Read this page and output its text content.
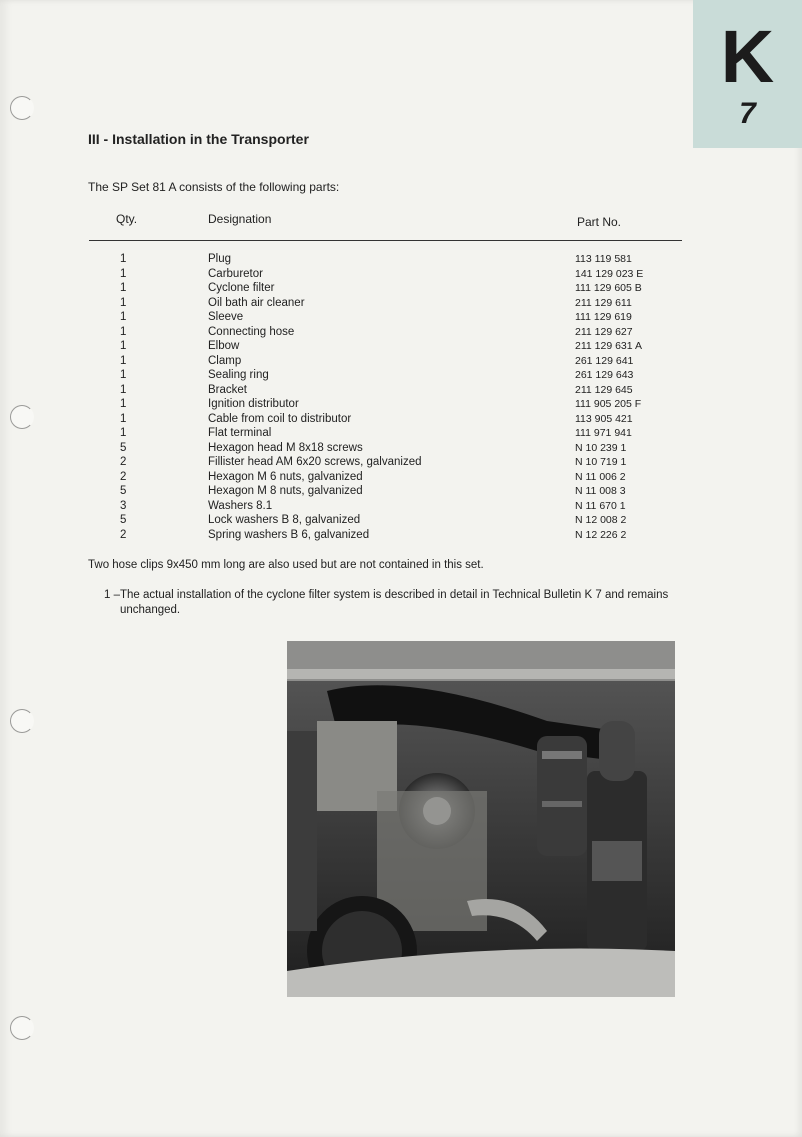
K
7
III - Installation in the Transporter
The SP Set 81 A consists of the following parts:
Qty.	Designation	Part No.
1	Plug	113 119 581
1	Carburetor	141 129 023 E
1	Cyclone filter	111 129 605 B
1	Oil bath air cleaner	211 129 611
1	Sleeve	111 129 619
1	Connecting hose	211 129 627
1	Elbow	211 129 631 A
1	Clamp	261 129 641
1	Sealing ring	261 129 643
1	Bracket	211 129 645
1	Ignition distributor	111 905 205 F
1	Cable from coil to distributor	113 905 421
1	Flat terminal	111 971 941
5	Hexagon head M 8x18 screws	N 10 239 1
2	Fillister head AM 6x20 screws, galvanized	N 10 719 1
2	Hexagon M 6 nuts, galvanized	N 11 006 2
5	Hexagon M 8 nuts, galvanized	N 11 008 3
3	Washers 8.1	N 11 670 1
5	Lock washers B 8, galvanized	N 12 008 2
2	Spring washers B 6, galvanized	N 12 226 2
Two hose clips 9x450 mm long are also used but are not contained in this set.
1 – The actual installation of the cyclone filter system is described in detail in Technical Bulletin K 7 and remains unchanged.
